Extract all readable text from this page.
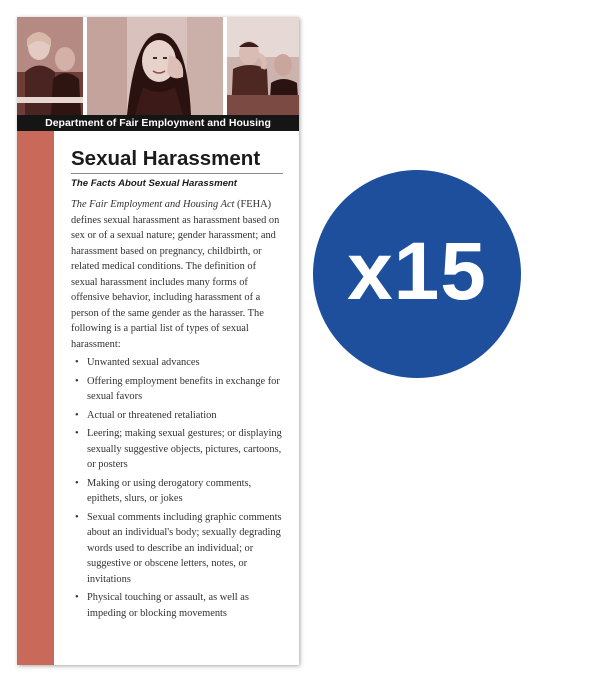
Department of Fair Employment and Housing
Sexual Harassment

The Facts About Sexual Harassment

The Fair Employment and Housing Act (FEHA) defines sexual harassment as harassment based on sex or of a sexual nature; gender harassment; and harassment based on pregnancy, childbirth, or related medical conditions. The definition of sexual harassment includes many forms of offensive behavior, including harassment of a person of the same gender as the harasser. The following is a partial list of types of sexual harassment:

• Unwanted sexual advances
• Offering employment benefits in exchange for sexual favors
• Actual or threatened retaliation
• Leering; making sexual gestures; or displaying sexually suggestive objects, pictures, cartoons, or posters
• Making or using derogatory comments, epithets, slurs, or jokes
• Sexual comments including graphic comments about an individual's body; sexually degrading words used to describe an individual; or suggestive or obscene letters, notes, or invitations
• Physical touching or assault, as well as impeding or blocking movements
x15
